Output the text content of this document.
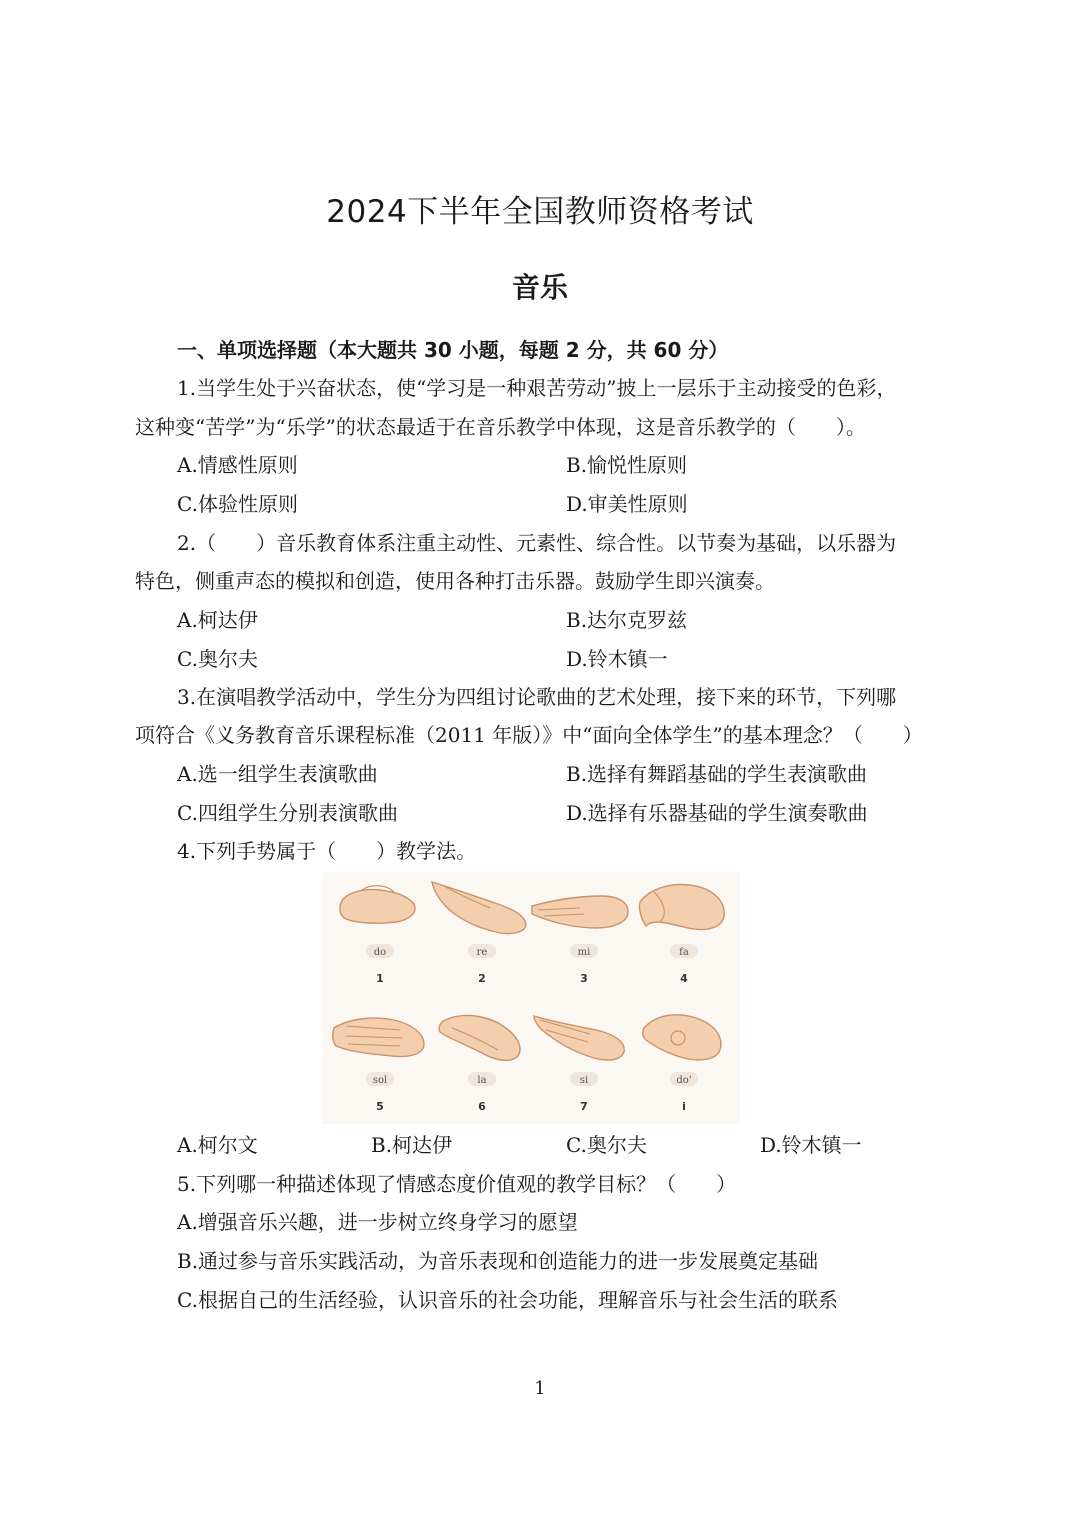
2024下半年全国教师资格考试
音乐
一、单项选择题（本大题共 30 小题，每题 2 分，共 60 分）
1.当学生处于兴奋状态，使“学习是一种艰苦劳动”披上一层乐于主动接受的色彩，
这种变“苦学”为“乐学”的状态最适于在音乐教学中体现，这是音乐教学的（　　）。
A.情感性原则	B.愉悦性原则
C.体验性原则	D.审美性原则
2.（　　）音乐教育体系注重主动性、元素性、综合性。以节奏为基础，以乐器为
特色，侧重声态的模拟和创造，使用各种打击乐器。鼓励学生即兴演奏。
A.柯达伊	B.达尔克罗兹
C.奥尔夫	D.铃木镇一
3.在演唱教学活动中，学生分为四组讨论歌曲的艺术处理，接下来的环节，下列哪
项符合《义务教育音乐课程标准（2011 年版）》中“面向全体学生”的基本理念？（　　）
A.选一组学生表演歌曲	B.选择有舞蹈基础的学生表演歌曲
C.四组学生分别表演歌曲	D.选择有乐器基础的学生演奏歌曲
4.下列手势属于（　　）教学法。
do	re	mi	fa
1	2	3	4
sol	la	si	do'
5	6	7	i
A.柯尔文	B.柯达伊	C.奥尔夫	D.铃木镇一
5.下列哪一种描述体现了情感态度价值观的教学目标？（　　）
A.增强音乐兴趣，进一步树立终身学习的愿望
B.通过参与音乐实践活动，为音乐表现和创造能力的进一步发展奠定基础
C.根据自己的生活经验，认识音乐的社会功能，理解音乐与社会生活的联系
1
